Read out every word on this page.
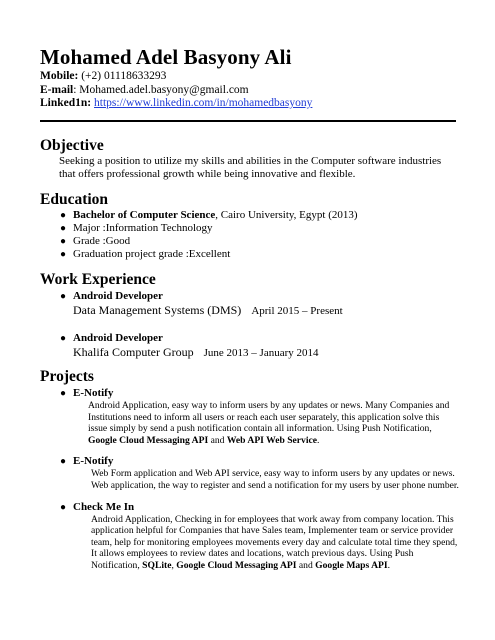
Mohamed Adel Basyony Ali
Mobile: (+2) 01118633293
E-mail: Mohamed.adel.basyony@gmail.com
Linked1n: https://www.linkedin.com/in/mohamedbasyony
Objective
Seeking a position to utilize my skills and abilities in the Computer software industries that offers professional growth while being innovative and flexible.
Education
● Bachelor of Computer Science, Cairo University, Egypt (2013)
● Major :Information Technology
● Grade :Good
● Graduation project grade :Excellent
Work Experience
● Android Developer
Data Management Systems (DMS) April 2015 – Present
● Android Developer
Khalifa Computer Group June 2013 – January 2014
Projects
● E-Notify
Android Application, easy way to inform users by any updates or news. Many Companies and Institutions need to inform all users or reach each user separately, this application solve this issue simply by send a push notification contain all information. Using Push Notification, Google Cloud Messaging API and Web API Web Service.
● E-Notify
Web Form application and Web API service, easy way to inform users by any updates or news. Web application, the way to register and send a notification for my users by user phone number.
● Check Me In
Android Application, Checking in for employees that work away from company location. This application helpful for Companies that have Sales team, Implementer team or service provider team, help for monitoring employees movements every day and calculate total time they spend, It allows employees to review dates and locations, watch previous days. Using Push Notification, SQLite, Google Cloud Messaging API and Google Maps API.
